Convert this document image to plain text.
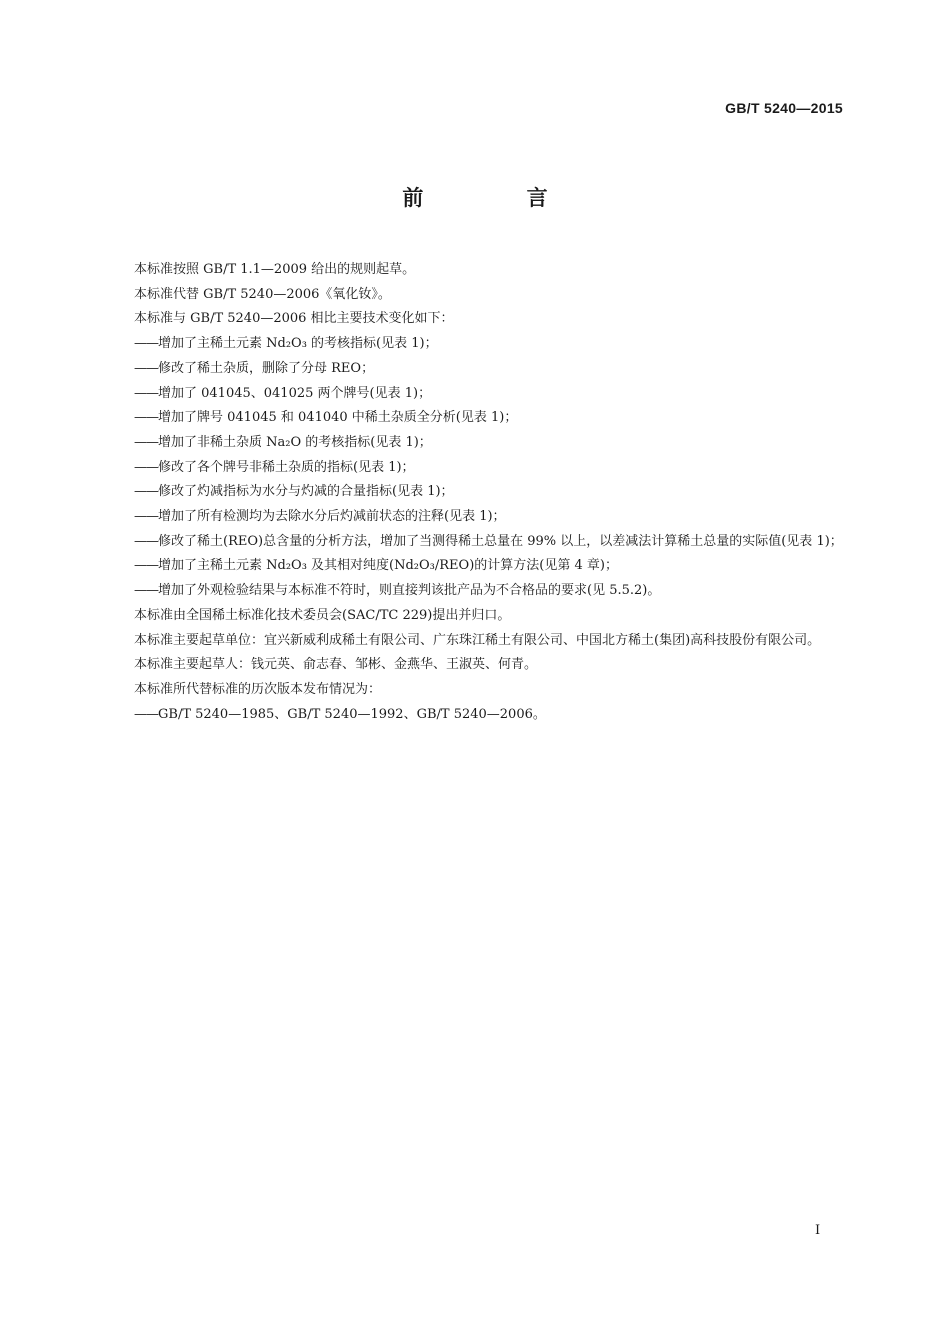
GB/T 5240—2015
前 言

本标准按照 GB/T 1.1—2009 给出的规则起草。

本标准代替 GB/T 5240—2006《氧化钕》。

本标准与 GB/T 5240—2006 相比主要技术变化如下：

——增加了主稀土元素 Nd₂O₃ 的考核指标(见表 1)；

——修改了稀土杂质，删除了分母 REO；

——增加了 041045、041025 两个牌号(见表 1)；

——增加了牌号 041045 和 041040 中稀土杂质全分析(见表 1)；

——增加了非稀土杂质 Na₂O 的考核指标(见表 1)；

——修改了各个牌号非稀土杂质的指标(见表 1)；

——修改了灼减指标为水分与灼减的合量指标(见表 1)；

——增加了所有检测均为去除水分后灼减前状态的注释(见表 1)；

——修改了稀土(REO)总含量的分析方法，增加了当测得稀土总量在 99% 以上，以差减法计算稀土总量的实际值(见表 1)；

——增加了主稀土元素 Nd₂O₃ 及其相对纯度(Nd₂O₃/REO)的计算方法(见第 4 章)；

——增加了外观检验结果与本标准不符时，则直接判该批产品为不合格品的要求(见 5.5.2)。

本标准由全国稀土标准化技术委员会(SAC/TC 229)提出并归口。

本标准主要起草单位：宜兴新威利成稀土有限公司、广东珠江稀土有限公司、中国北方稀土(集团)高科技股份有限公司。

本标准主要起草人：钱元英、俞志春、邹彬、金燕华、王淑英、何青。

本标准所代替标准的历次版本发布情况为：

——GB/T 5240—1985、GB/T 5240—1992、GB/T 5240—2006。

I
